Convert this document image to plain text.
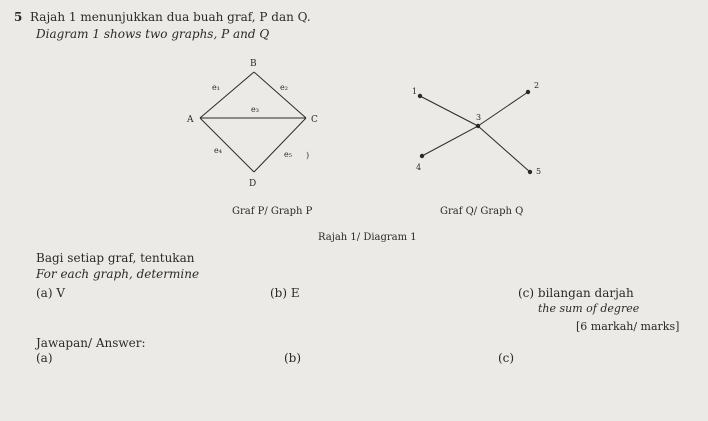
5 Rajah 1 menunjukkan dua buah graf, P dan Q.
Diagram 1 shows two graphs, P and Q
B
A	C
D
e₁	e₂
e₃
e₄	e₅ )
1
2
3
4	5
Graf P/ Graph P	Graf Q/ Graph Q
Rajah 1/ Diagram 1
Bagi setiap graf, tentukan
For each graph, determine
(a) V	(b) E	(c) bilangan darjah
the sum of degree
[6 markah/ marks]
Jawapan/ Answer:
(a)	(b)	(c)
